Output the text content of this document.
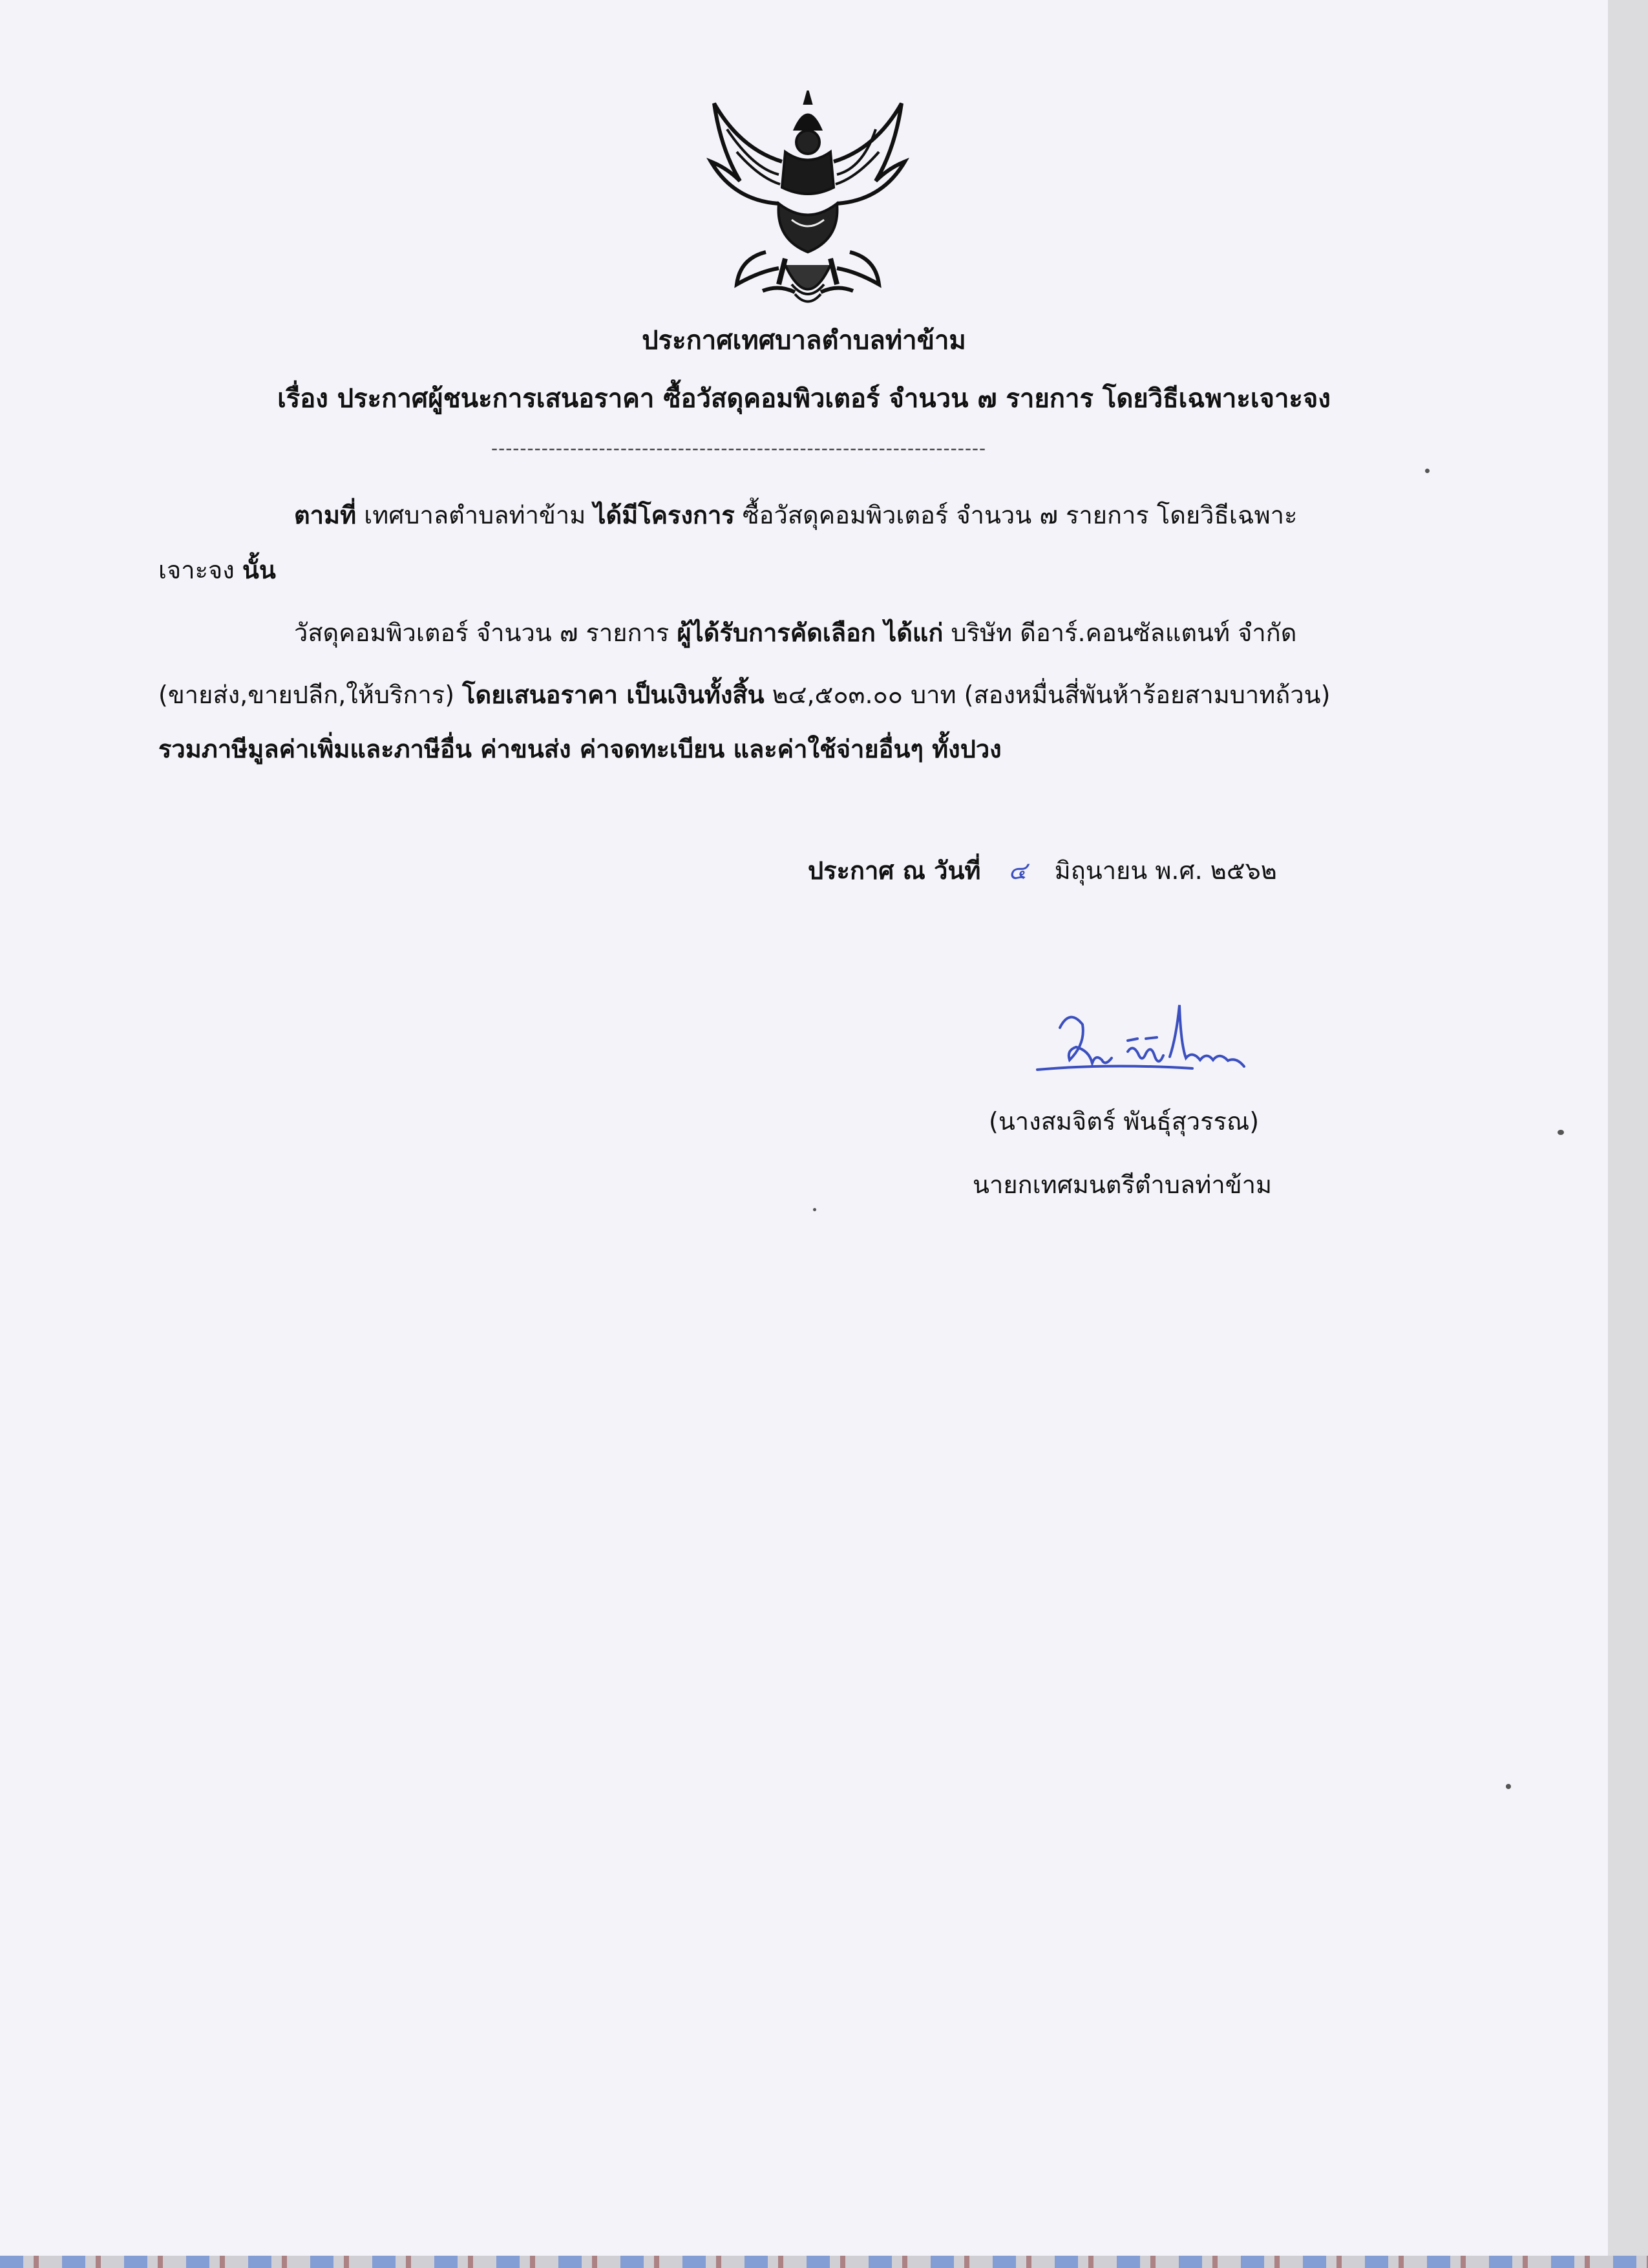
ประกาศเทศบาลตำบลท่าข้าม
เรื่อง ประกาศผู้ชนะการเสนอราคา ซื้อวัสดุคอมพิวเตอร์ จำนวน ๗ รายการ โดยวิธีเฉพาะเจาะจง
---------------------------------------------------------------------
ตามที่ เทศบาลตำบลท่าข้าม ได้มีโครงการ ซื้อวัสดุคอมพิวเตอร์ จำนวน ๗ รายการ โดยวิธีเฉพาะ
เจาะจง นั้น
วัสดุคอมพิวเตอร์ จำนวน ๗ รายการ ผู้ได้รับการคัดเลือก ได้แก่ บริษัท ดีอาร์.คอนซัลแตนท์ จำกัด
(ขายส่ง,ขายปลีก,ให้บริการ) โดยเสนอราคา เป็นเงินทั้งสิ้น ๒๔,๕๐๓.๐๐ บาท (สองหมื่นสี่พันห้าร้อยสามบาทถ้วน)
รวมภาษีมูลค่าเพิ่มและภาษีอื่น ค่าขนส่ง ค่าจดทะเบียน และค่าใช้จ่ายอื่นๆ ทั้งปวง
ประกาศ ณ วันที่ ๔ มิถุนายน พ.ศ. ๒๕๖๒
(นางสมจิตร์ พันธุ์สุวรรณ)
นายกเทศมนตรีตำบลท่าข้าม
